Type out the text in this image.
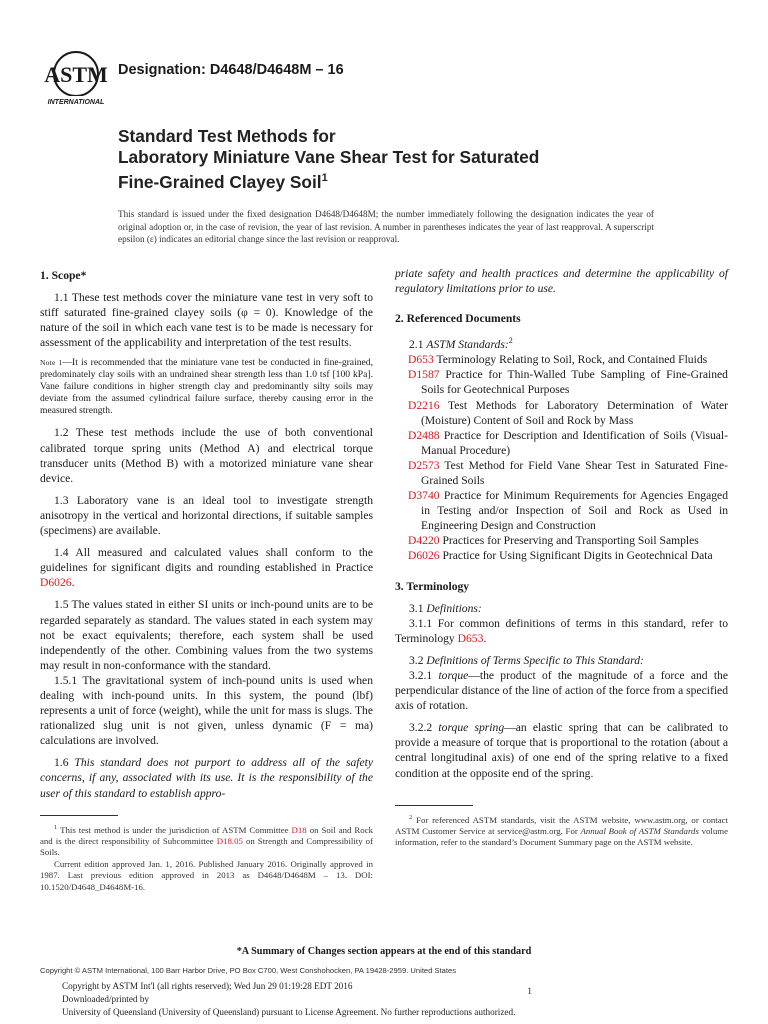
ASTM
INTERNATIONAL
Designation: D4648/D4648M – 16
Standard Test Methods for
Laboratory Miniature Vane Shear Test for Saturated
Fine-Grained Clayey Soil$^1$
This standard is issued under the fixed designation D4648/D4648M; the number immediately following the designation indicates the year of original adoption or, in the case of revision, the year of last revision. A number in parentheses indicates the year of last reapproval. A superscript epsilon (ε) indicates an editorial change since the last revision or reapproval.

1. Scope*

1.1 These test methods cover the miniature vane test in very soft to stiff saturated fine-grained clayey soils (φ = 0). Knowledge of the nature of the soil in which each vane test is to be made is necessary for assessment of the applicability and interpretation of the test results.

Note 1—It is recommended that the miniature vane test be conducted in fine-grained, predominately clay soils with an undrained shear strength less than 1.0 tsf [100 kPa]. Vane failure conditions in higher strength clay and predominantly silty soils may deviate from the assumed cylindrical failure surface, thereby causing error in the measured strength.

1.2 These test methods include the use of both conventional calibrated torque spring units (Method A) and electrical torque transducer units (Method B) with a motorized miniature vane shear device.

1.3 Laboratory vane is an ideal tool to investigate strength anisotropy in the vertical and horizontal directions, if suitable samples (specimens) are available.

1.4 All measured and calculated values shall conform to the guidelines for significant digits and rounding established in Practice D6026.

1.5 The values stated in either SI units or inch-pound units are to be regarded separately as standard. The values stated in each system may not be exact equivalents; therefore, each system shall be used independently of the other. Combining values from the two systems may result in non-conformance with the standard.

1.5.1 The gravitational system of inch-pound units is used when dealing with inch-pound units. In this system, the pound (lbf) represents a unit of force (weight), while the unit for mass is slugs. The rationalized slug unit is not given, unless dynamic (F = ma) calculations are involved.

1.6 This standard does not purport to address all of the safety concerns, if any, associated with its use. It is the responsibility of the user of this standard to establish appro-

$^1$ This test method is under the jurisdiction of ASTM Committee D18 on Soil and Rock and is the direct responsibility of Subcommittee D18.05 on Strength and Compressibility of Soils.

Current edition approved Jan. 1, 2016. Published January 2016. Originally approved in 1987. Last previous edition approved in 2013 as D4648/D4648M – 13. DOI: 10.1520/D4648_D4648M-16.

priate safety and health practices and determine the applicability of regulatory limitations prior to use.

2. Referenced Documents

2.1 ASTM Standards:$^2$

D653 Terminology Relating to Soil, Rock, and Contained Fluids

D1587 Practice for Thin-Walled Tube Sampling of Fine-Grained Soils for Geotechnical Purposes

D2216 Test Methods for Laboratory Determination of Water (Moisture) Content of Soil and Rock by Mass

D2488 Practice for Description and Identification of Soils (Visual-Manual Procedure)

D2573 Test Method for Field Vane Shear Test in Saturated Fine-Grained Soils

D3740 Practice for Minimum Requirements for Agencies Engaged in Testing and/or Inspection of Soil and Rock as Used in Engineering Design and Construction

D4220 Practices for Preserving and Transporting Soil Samples

D6026 Practice for Using Significant Digits in Geotechnical Data

3. Terminology

3.1 Definitions:

3.1.1 For common definitions of terms in this standard, refer to Terminology D653.

3.2 Definitions of Terms Specific to This Standard:

3.2.1 torque—the product of the magnitude of a force and the perpendicular distance of the line of action of the force from a specified axis of rotation.

3.2.2 torque spring—an elastic spring that can be calibrated to provide a measure of torque that is proportional to the rotation (about a central longitudinal axis) of one end of the spring relative to a fixed condition at the opposite end of the spring.

$^2$ For referenced ASTM standards, visit the ASTM website, www.astm.org, or contact ASTM Customer Service at service@astm.org. For Annual Book of ASTM Standards volume information, refer to the standard’s Document Summary page on the ASTM website.

*A Summary of Changes section appears at the end of this standard
Copyright © ASTM International, 100 Barr Harbor Drive, PO Box C700, West Conshohocken, PA 19428-2959. United States
Copyright by ASTM Int'l (all rights reserved); Wed Jun 29 01:19:28 EDT 2016
Downloaded/printed by
University of Queensland (University of Queensland) pursuant to License Agreement. No further reproductions authorized.
1
